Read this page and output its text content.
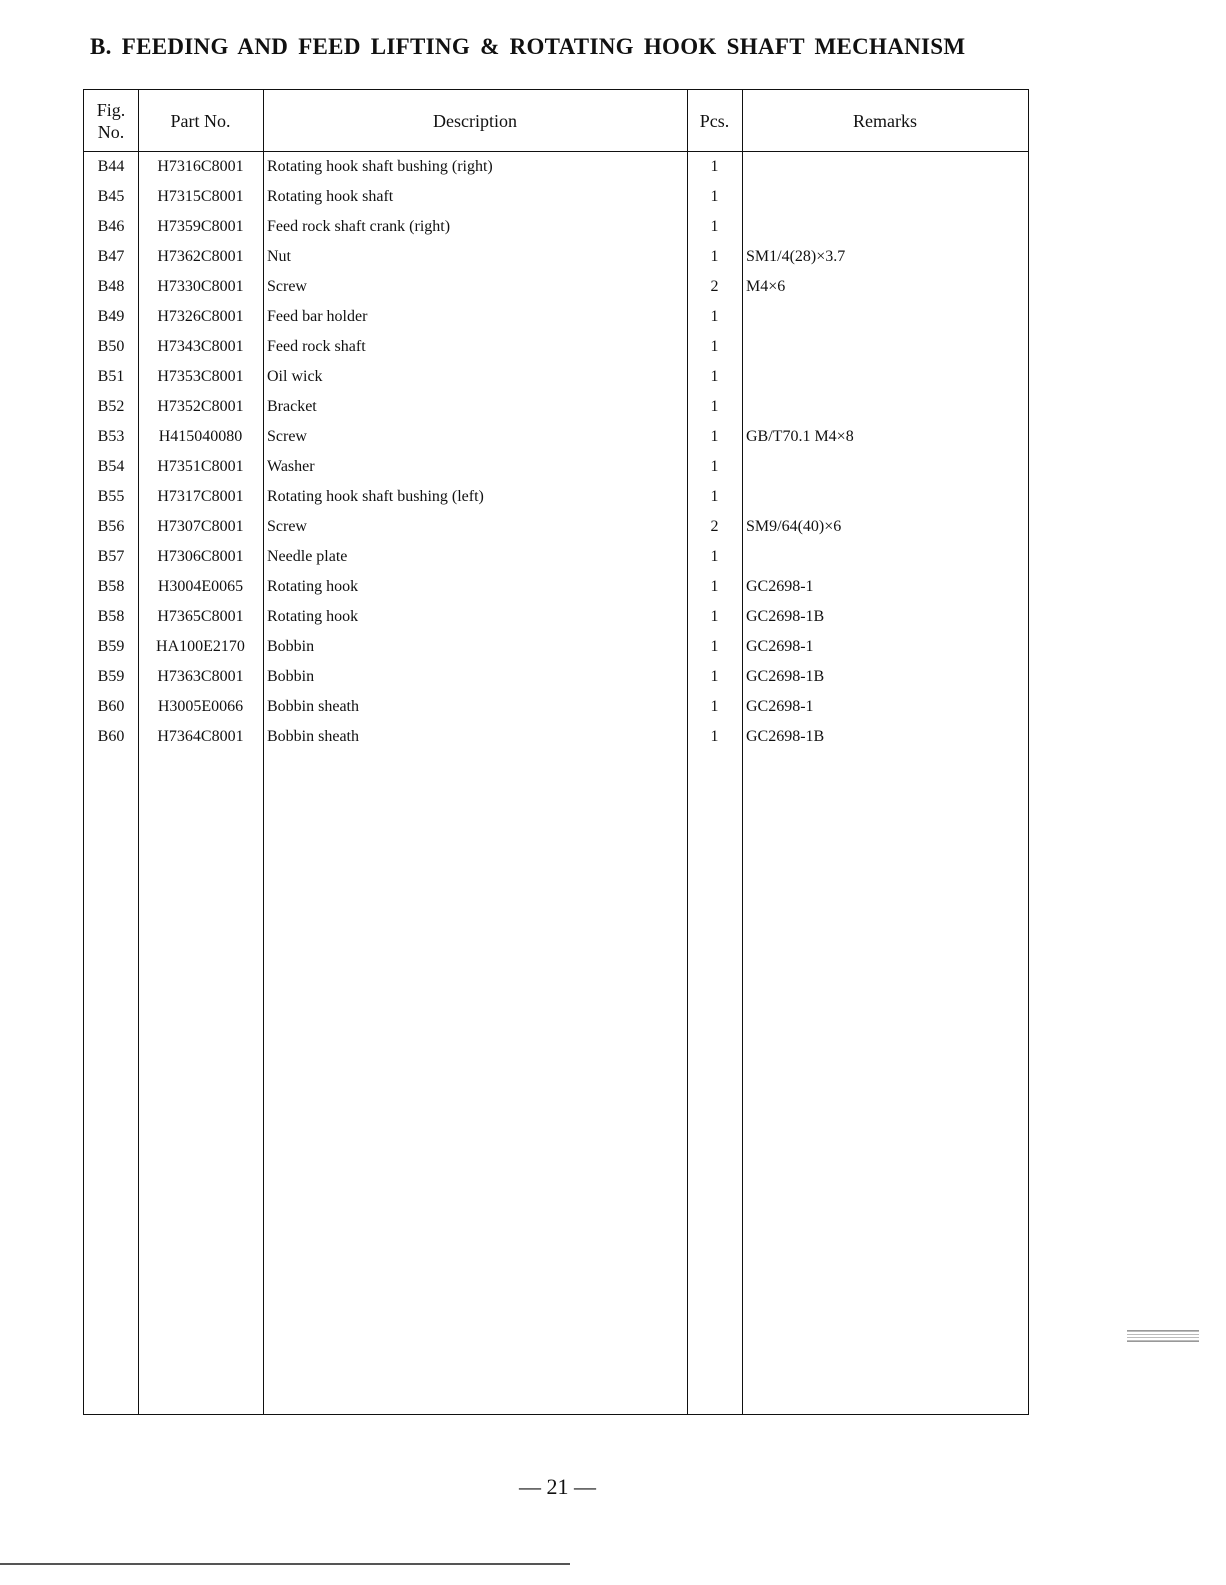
B. FEEDING AND FEED LIFTING & ROTATING HOOK SHAFT MECHANISM
Fig.
No.
Part No.	Description	Pcs.	Remarks
B44	H7316C8001	Rotating hook shaft bushing (right)	1
B45	H7315C8001	Rotating hook shaft	1
B46	H7359C8001	Feed rock shaft crank (right)	1
B47	H7362C8001	Nut	1	SM1/4(28)×3.7
B48	H7330C8001	Screw	2	M4×6
B49	H7326C8001	Feed bar holder	1
B50	H7343C8001	Feed rock shaft	1
B51	H7353C8001	Oil wick	1
B52	H7352C8001	Bracket	1
B53	H415040080	Screw	1	GB/T70.1 M4×8
B54	H7351C8001	Washer	1
B55	H7317C8001	Rotating hook shaft bushing (left)	1
B56	H7307C8001	Screw	2	SM9/64(40)×6
B57	H7306C8001	Needle plate	1
B58	H3004E0065	Rotating hook	1	GC2698-1
B58	H7365C8001	Rotating hook	1	GC2698-1B
B59	HA100E2170	Bobbin	1	GC2698-1
B59	H7363C8001	Bobbin	1	GC2698-1B
B60	H3005E0066	Bobbin sheath	1	GC2698-1
B60	H7364C8001	Bobbin sheath	1	GC2698-1B
— 21 —
